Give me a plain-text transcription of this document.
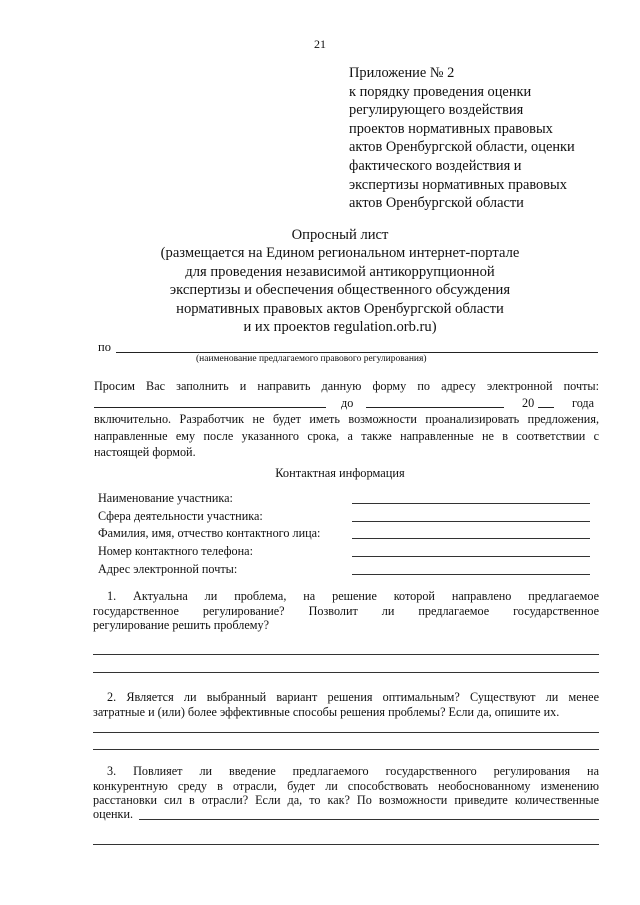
21
Приложение № 2
к порядку проведения оценки
регулирующего воздействия
проектов нормативных правовых
актов Оренбургской области, оценки
фактического воздействия и
экспертизы нормативных правовых
актов Оренбургской области
Опросный лист
(размещается на Едином региональном интернет-портале
для проведения независимой антикоррупционной
экспертизы и обеспечения общественного обсуждения
нормативных правовых актов Оренбургской области
и их проектов regulation.orb.ru)
по
(наименование предлагаемого правового регулирования)
Просим Вас заполнить и направить данную форму по адресу электронной почты:
до	20	года
включительно. Разработчик не будет иметь возможности проанализировать предложения,
направленные ему после указанного срока, а также направленные не в соответствии с
настоящей формой.
Контактная информация
Наименование участника:
Сфера деятельности участника:
Фамилия, имя, отчество контактного лица:
Номер контактного телефона:
Адрес электронной почты:
1. Актуальна ли проблема, на решение которой направлено предлагаемое
государственное регулирование? Позволит ли предлагаемое государственное
регулирование решить проблему?
2. Является ли выбранный вариант решения оптимальным? Существуют ли менее
затратные и (или) более эффективные способы решения проблемы? Если да, опишите их.
3. Повлияет ли введение предлагаемого государственного регулирования на
конкурентную среду в отрасли, будет ли способствовать необоснованному изменению
расстановки сил в отрасли? Если да, то как? По возможности приведите количественные
оценки.
